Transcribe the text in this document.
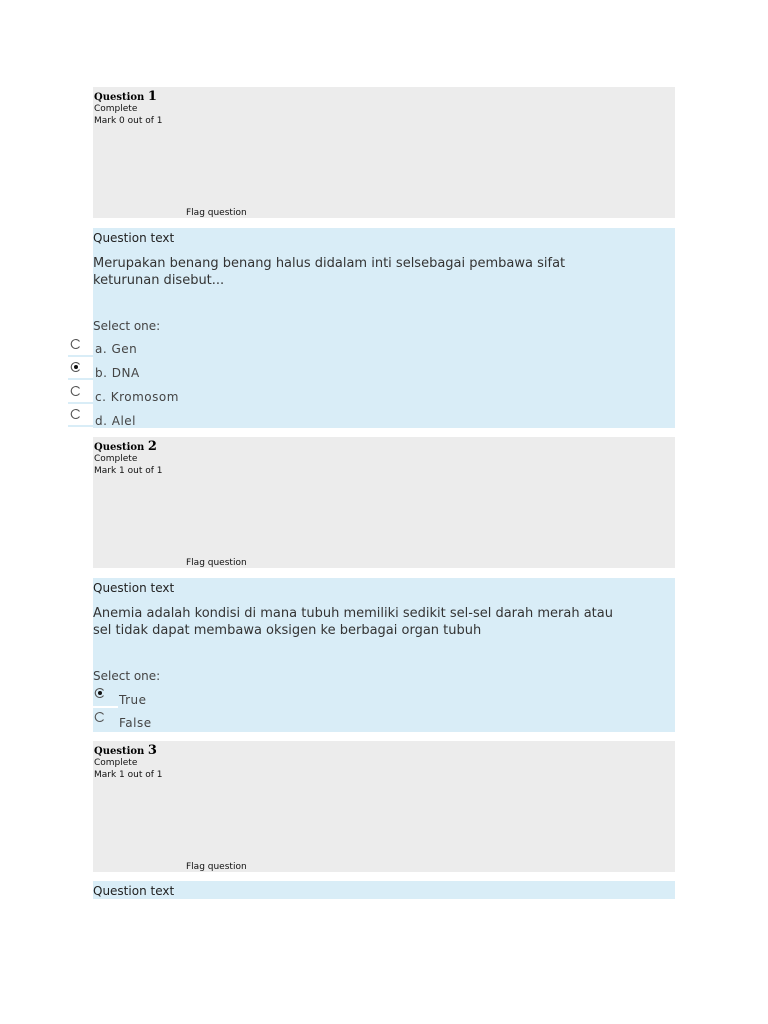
Question 1
Complete
Mark 0 out of 1
Flag question
Question text
Merupakan benang benang halus didalam inti selsebagai pembawa sifat
keturunan disebut...
Select one:
a. Gen
b. DNA
c. Kromosom
d. Alel
Question 2
Complete
Mark 1 out of 1
Flag question
Question text
Anemia adalah kondisi di mana tubuh memiliki sedikit sel-sel darah merah atau
sel tidak dapat membawa oksigen ke berbagai organ tubuh
Select one:
True
False
Question 3
Complete
Mark 1 out of 1
Flag question
Question text
